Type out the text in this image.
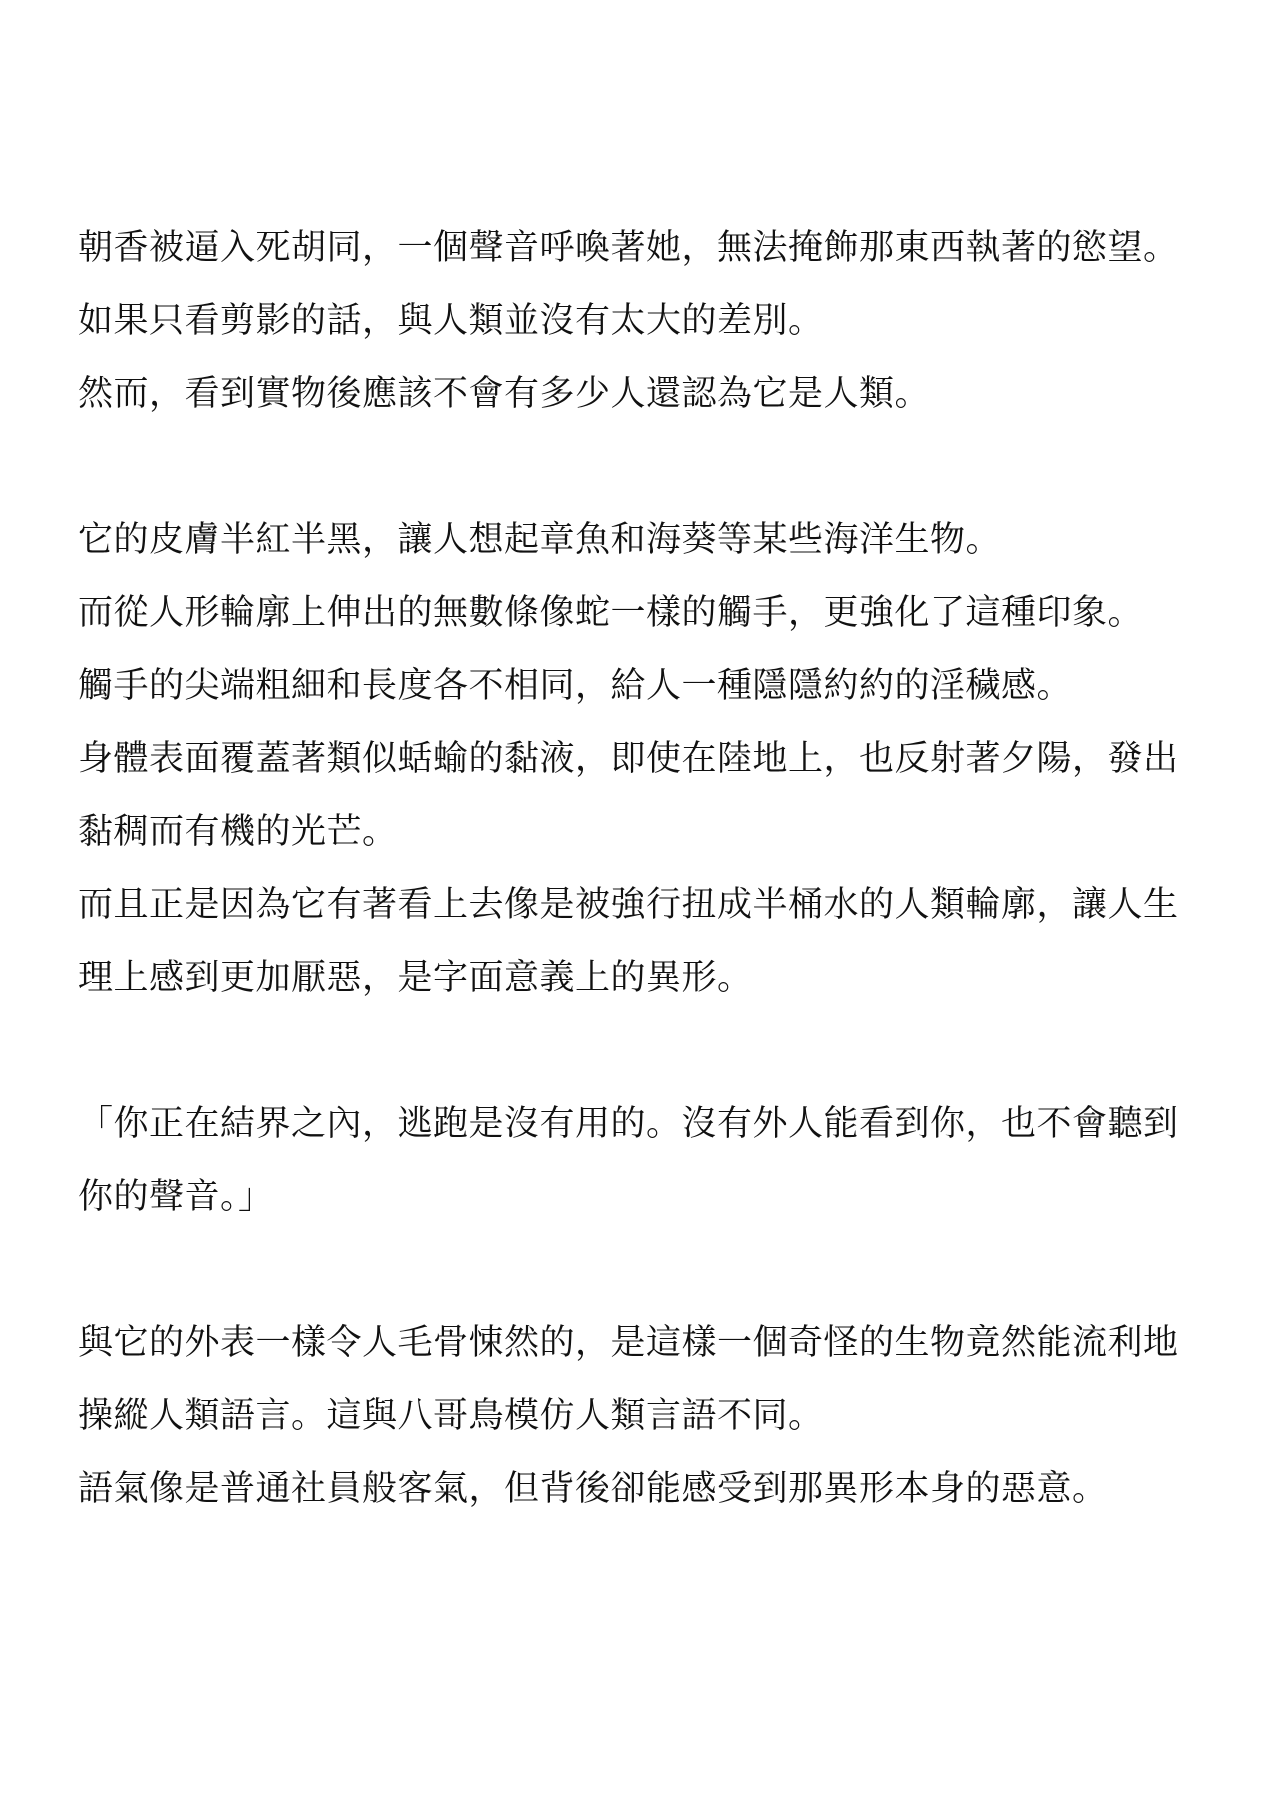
朝香被逼入死胡同，一個聲音呼喚著她，無法掩飾那東西執著的慾望。

如果只看剪影的話，與人類並沒有太大的差別。

然而，看到實物後應該不會有多少人還認為它是人類。

它的皮膚半紅半黑，讓人想起章魚和海葵等某些海洋生物。

而從人形輪廓上伸出的無數條像蛇一樣的觸手，更強化了這種印象。

觸手的尖端粗細和長度各不相同，給人一種隱隱約約的淫穢感。

身體表面覆蓋著類似蛞蝓的黏液，即使在陸地上，也反射著夕陽，發出黏稠而有機的光芒。

而且正是因為它有著看上去像是被強行扭成半桶水的人類輪廓，讓人生理上感到更加厭惡，是字面意義上的異形。

「你正在結界之內，逃跑是沒有用的。沒有外人能看到你，也不會聽到你的聲音。」

與它的外表一樣令人毛骨悚然的，是這樣一個奇怪的生物竟然能流利地操縱人類語言。這與八哥鳥模仿人類言語不同。

語氣像是普通社員般客氣，但背後卻能感受到那異形本身的惡意。
